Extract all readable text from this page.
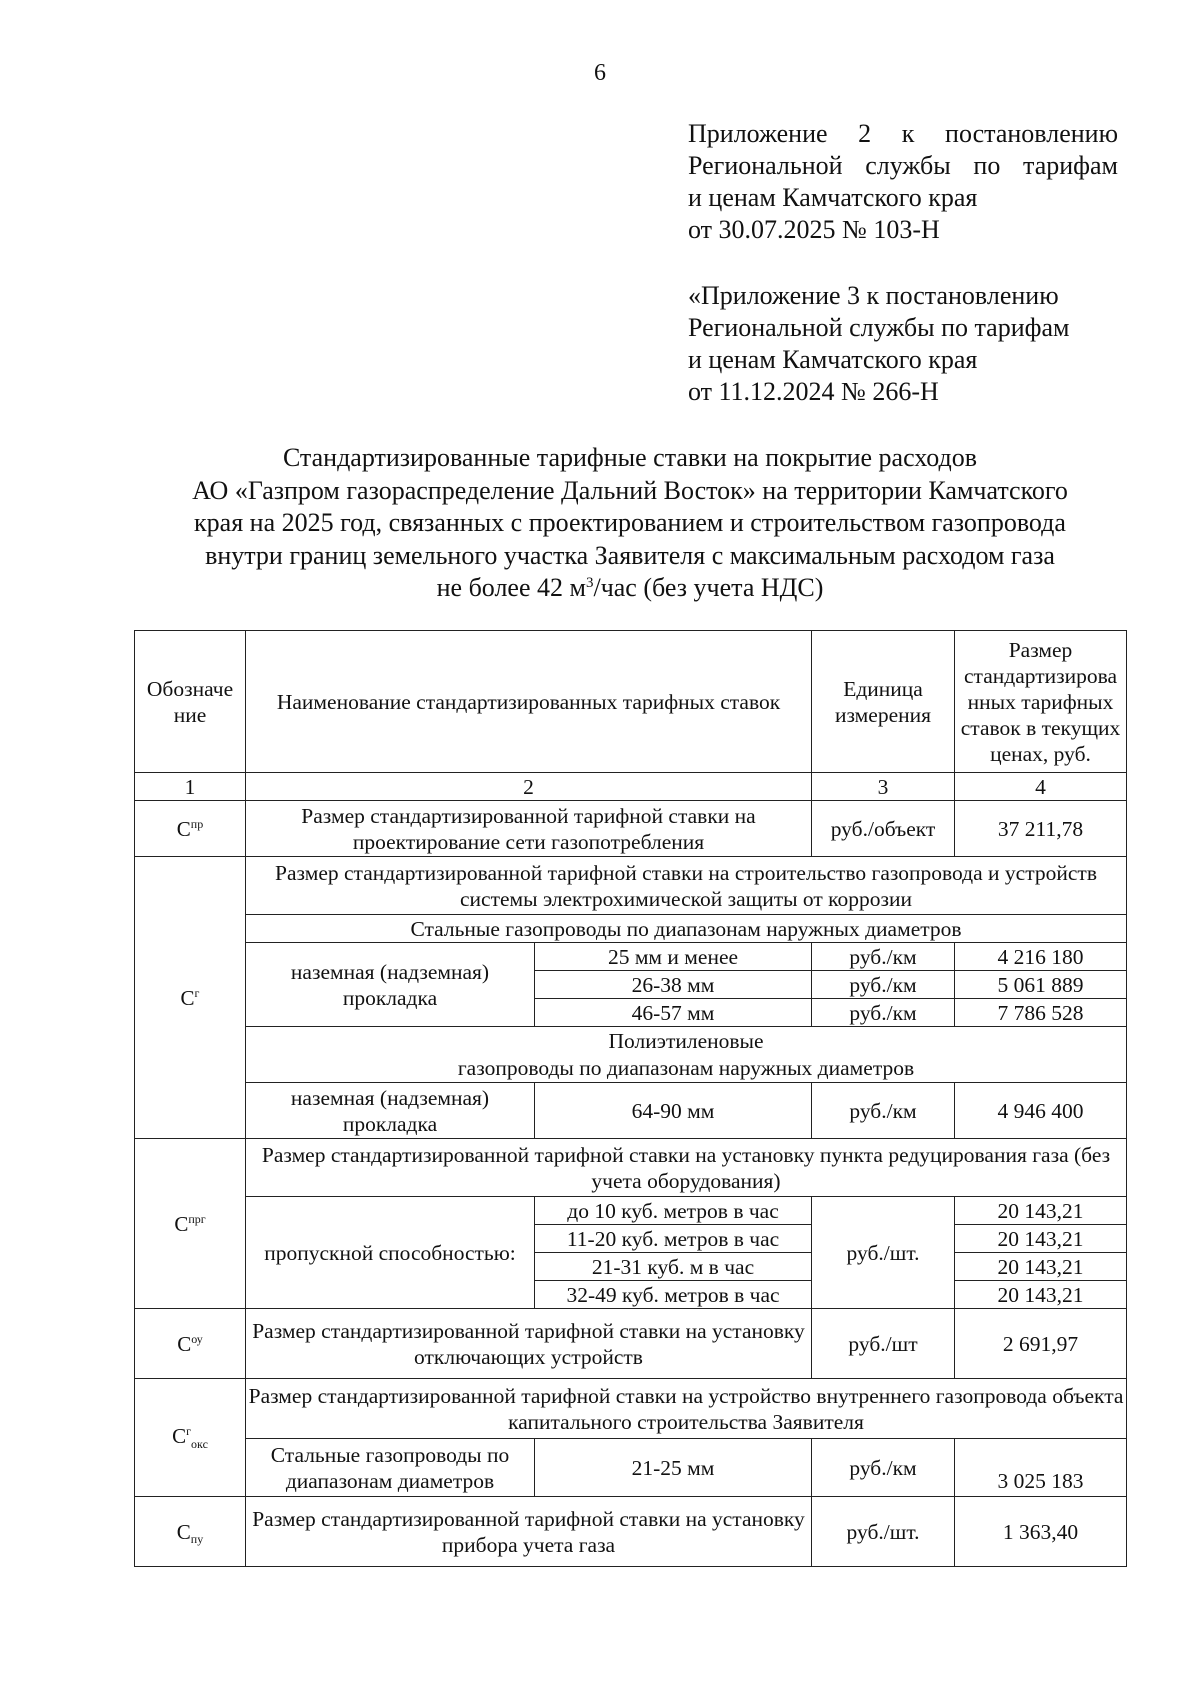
6
Приложение 2 к постановлению
Региональной службы по тарифам
и ценам Камчатского края
от 30.07.2025 № 103-Н
«Приложение 3 к постановлению
Региональной службы по тарифам
и ценам Камчатского края
от 11.12.2024 № 266-Н
Стандартизированные тарифные ставки на покрытие расходов
АО «Газпром газораспределение Дальний Восток» на территории Камчатского
края на 2025 год, связанных с проектированием и строительством газопровода
внутри границ земельного участка Заявителя с максимальным расходом газа
не более 42 $м^3$/час (без учета НДС)
Обозначе ние	Наименование стандартизированных тарифных ставок		Единица измерения	Размер стандартизирова нных тарифных ставок в текущих ценах, руб.
1	2		3	4
$С^{пр}$	Размер стандартизированной тарифной ставки на проектирование сети газопотребления		руб./объект	37 211,78
$С^г$	Размер стандартизированной тарифной ставки на строительство газопровода и устройств системы электрохимической защиты от коррозии			
	Стальные газопроводы по диапазонам наружных диаметров			
	наземная (надземная) прокладка	25 мм и менее	руб./км	4 216 180
		26-38 мм	руб./км	5 061 889
		46-57 мм	руб./км	7 786 528
	Полиэтиленовые			
	газопроводы по диапазонам наружных диаметров			
	наземная (надземная) прокладка	64-90 мм	руб./км	4 946 400
$С^{прг}$	Размер стандартизированной тарифной ставки на установку пункта редуцирования газа (без учета оборудования)			
	пропускной способностью:	до 10 куб. метров в час	руб./шт.	20 143,21
		11-20 куб. метров в час		20 143,21
		21-31 куб. м в час		20 143,21
		32-49 куб. метров в час		20 143,21
$С^{оу}$	Размер стандартизированной тарифной ставки на установку отключающих устройств		руб./шт	2 691,97
$С^г_{окс}$	Размер стандартизированной тарифной ставки на устройство внутреннего газопровода объекта капитального строительства Заявителя			
	Стальные газопроводы по диапазонам диаметров	21-25 мм	руб./км	3 025 183
$С_{пу}$	Размер стандартизированной тарифной ставки на установку прибора учета газа		руб./шт.	1 363,40
